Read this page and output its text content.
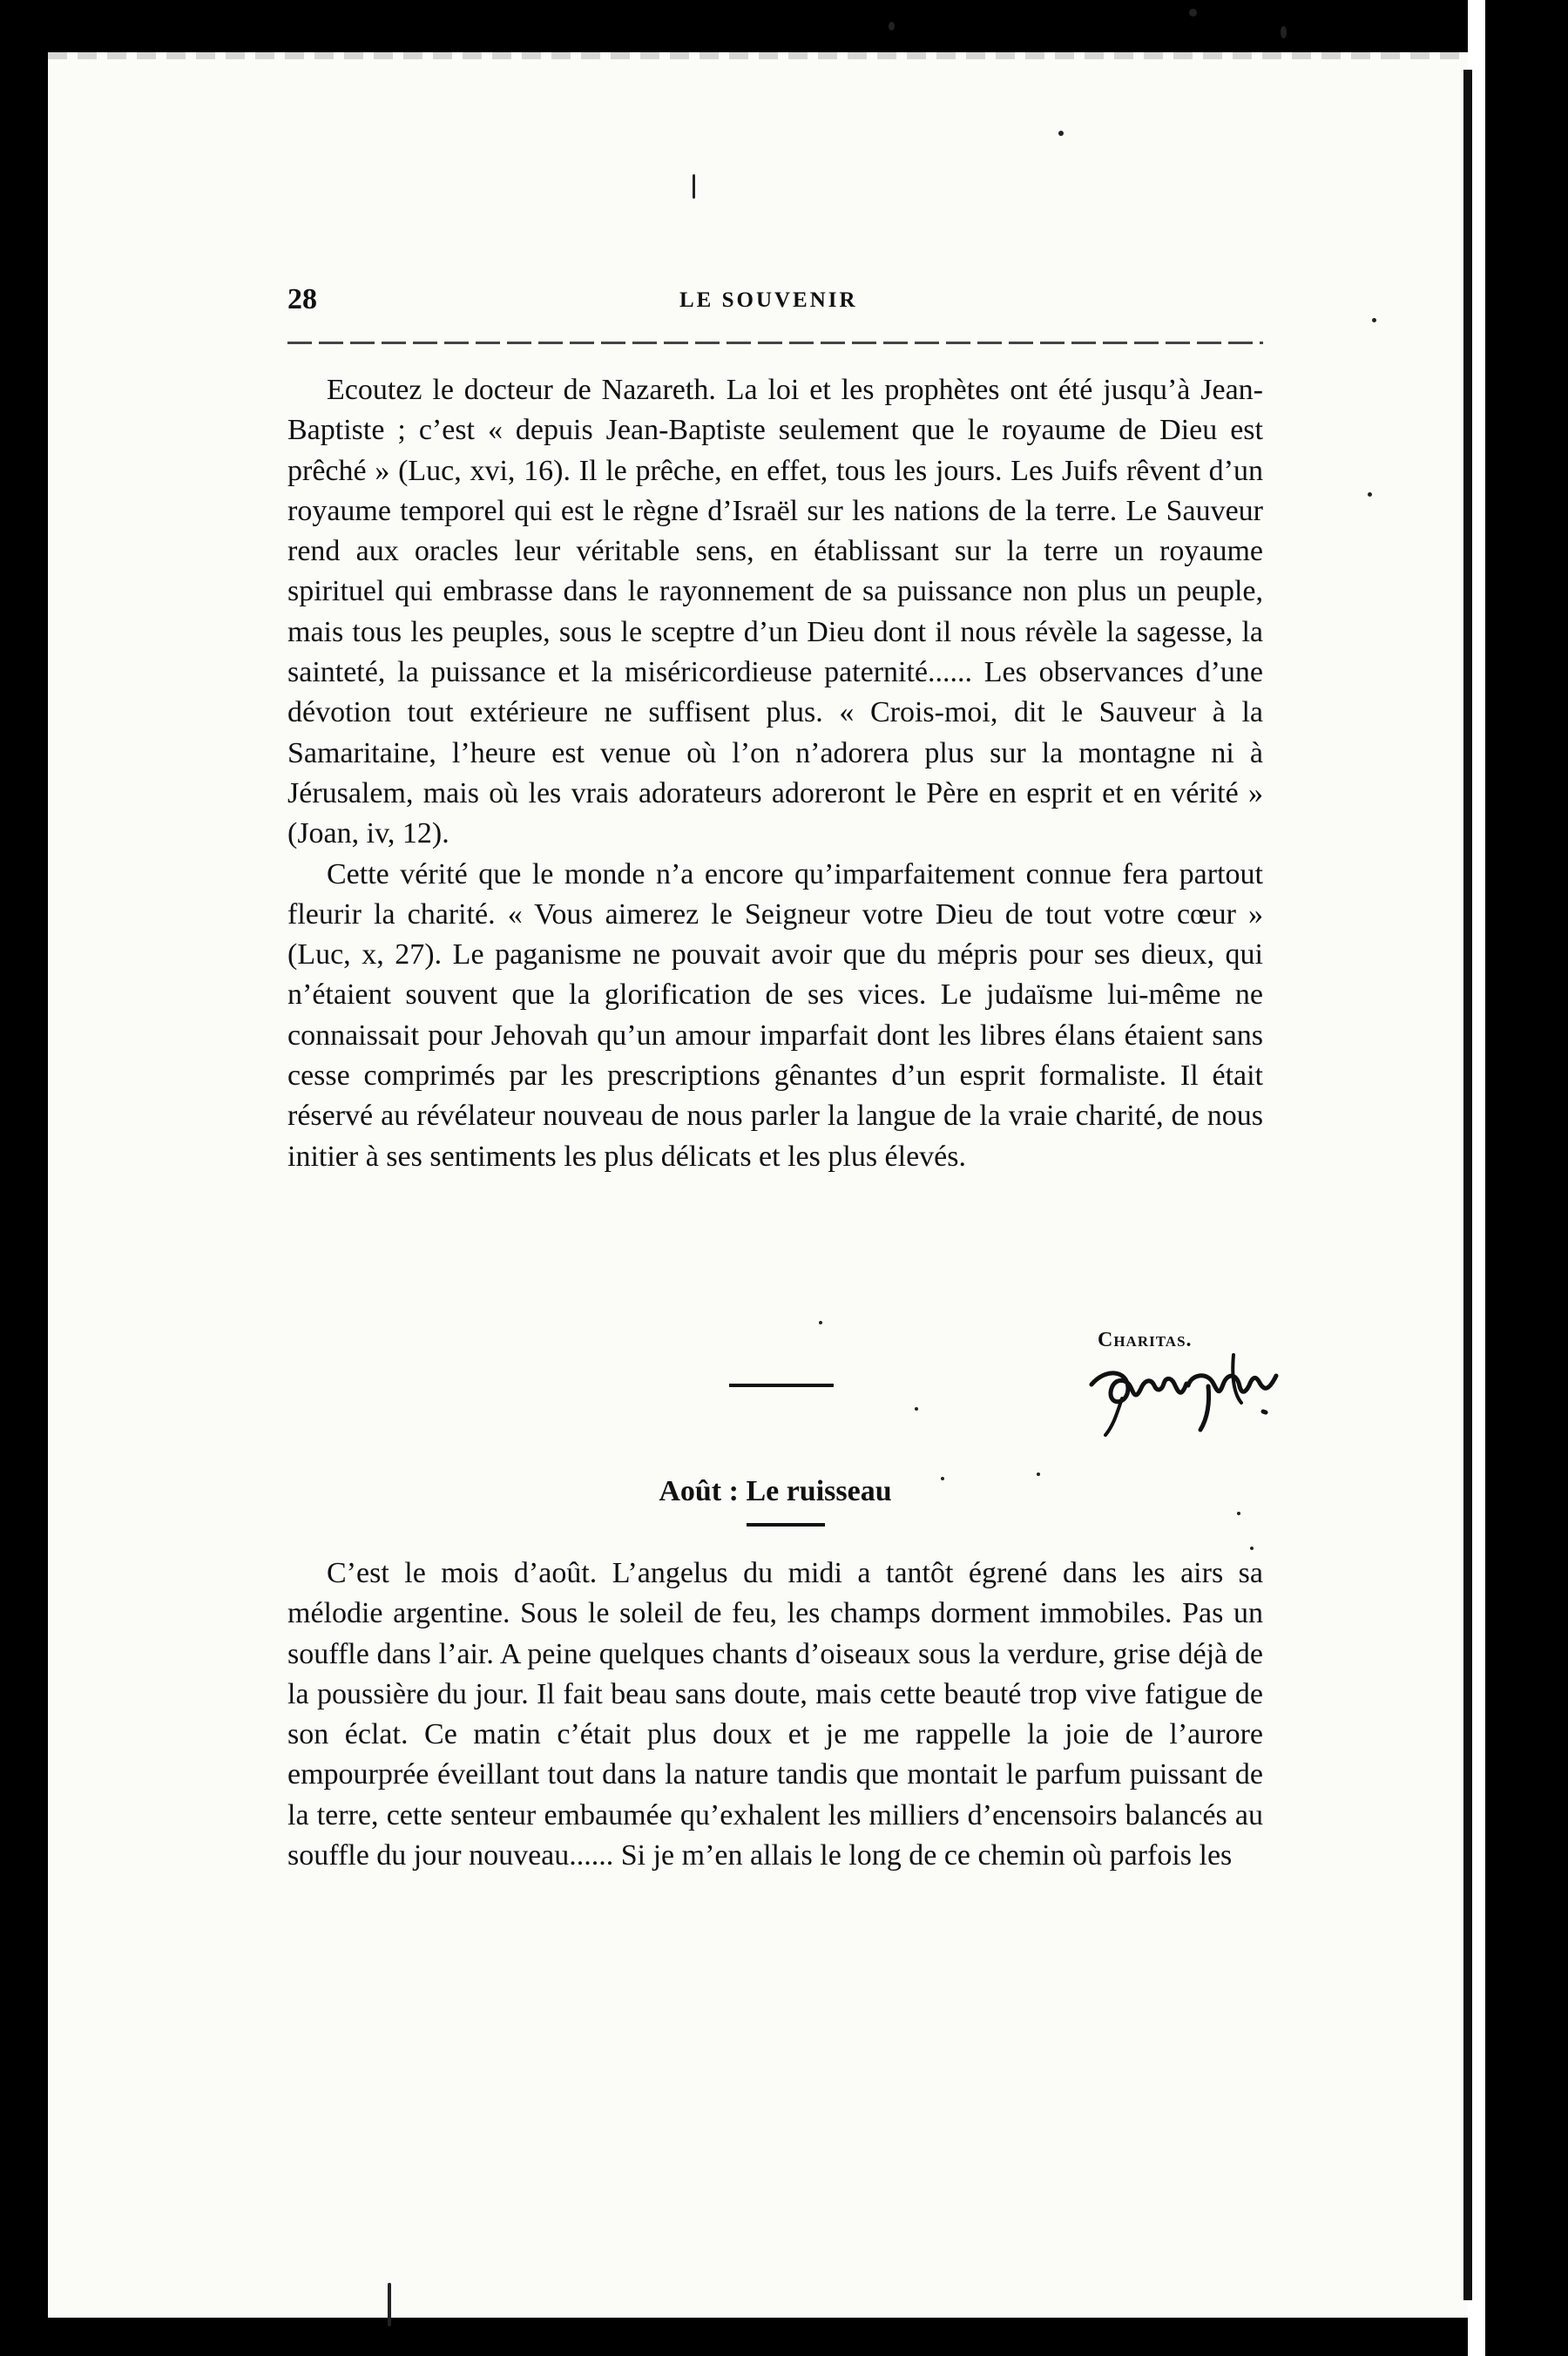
28	LE SOUVENIR

Ecoutez le docteur de Nazareth. La loi et les prophètes ont été jusqu’à Jean-Baptiste ; c’est « depuis Jean-Baptiste seulement que le royaume de Dieu est prêché » (Luc, xvi, 16). Il le prêche, en effet, tous les jours. Les Juifs rêvent d’un royaume temporel qui est le règne d’Israël sur les nations de la terre. Le Sauveur rend aux oracles leur véritable sens, en établissant sur la terre un royaume spirituel qui embrasse dans le rayonnement de sa puissance non plus un peuple, mais tous les peuples, sous le sceptre d’un Dieu dont il nous révèle la sagesse, la sainteté, la puissance et la miséricordieuse paternité...... Les observances d’une dévotion tout extérieure ne suffisent plus. « Crois-moi, dit le Sauveur à la Samaritaine, l’heure est venue où l’on n’adorera plus sur la montagne ni à Jérusalem, mais où les vrais adorateurs adoreront le Père en esprit et en vérité » (Joan, iv, 12).

Cette vérité que le monde n’a encore qu’imparfaitement connue fera partout fleurir la charité. « Vous aimerez le Seigneur votre Dieu de tout votre cœur » (Luc, x, 27). Le paganisme ne pouvait avoir que du mépris pour ses dieux, qui n’étaient souvent que la glorification de ses vices. Le judaïsme lui-même ne connaissait pour Jehovah qu’un amour imparfait dont les libres élans étaient sans cesse comprimés par les prescriptions gênantes d’un esprit formaliste. Il était réservé au révélateur nouveau de nous parler la langue de la vraie charité, de nous initier à ses sentiments les plus délicats et les plus élevés.

Charitas.
Août : Le ruisseau

C’est le mois d’août. L’angelus du midi a tantôt égrené dans les airs sa mélodie argentine. Sous le soleil de feu, les champs dorment immobiles. Pas un souffle dans l’air. A peine quelques chants d’oiseaux sous la verdure, grise déjà de la poussière du jour. Il fait beau sans doute, mais cette beauté trop vive fatigue de son éclat. Ce matin c’était plus doux et je me rappelle la joie de l’aurore empourprée éveillant tout dans la nature tandis que montait le parfum puissant de la terre, cette senteur embaumée qu’exhalent les milliers d’encensoirs balancés au souffle du jour nouveau...... Si je m’en allais le long de ce chemin où parfois les
